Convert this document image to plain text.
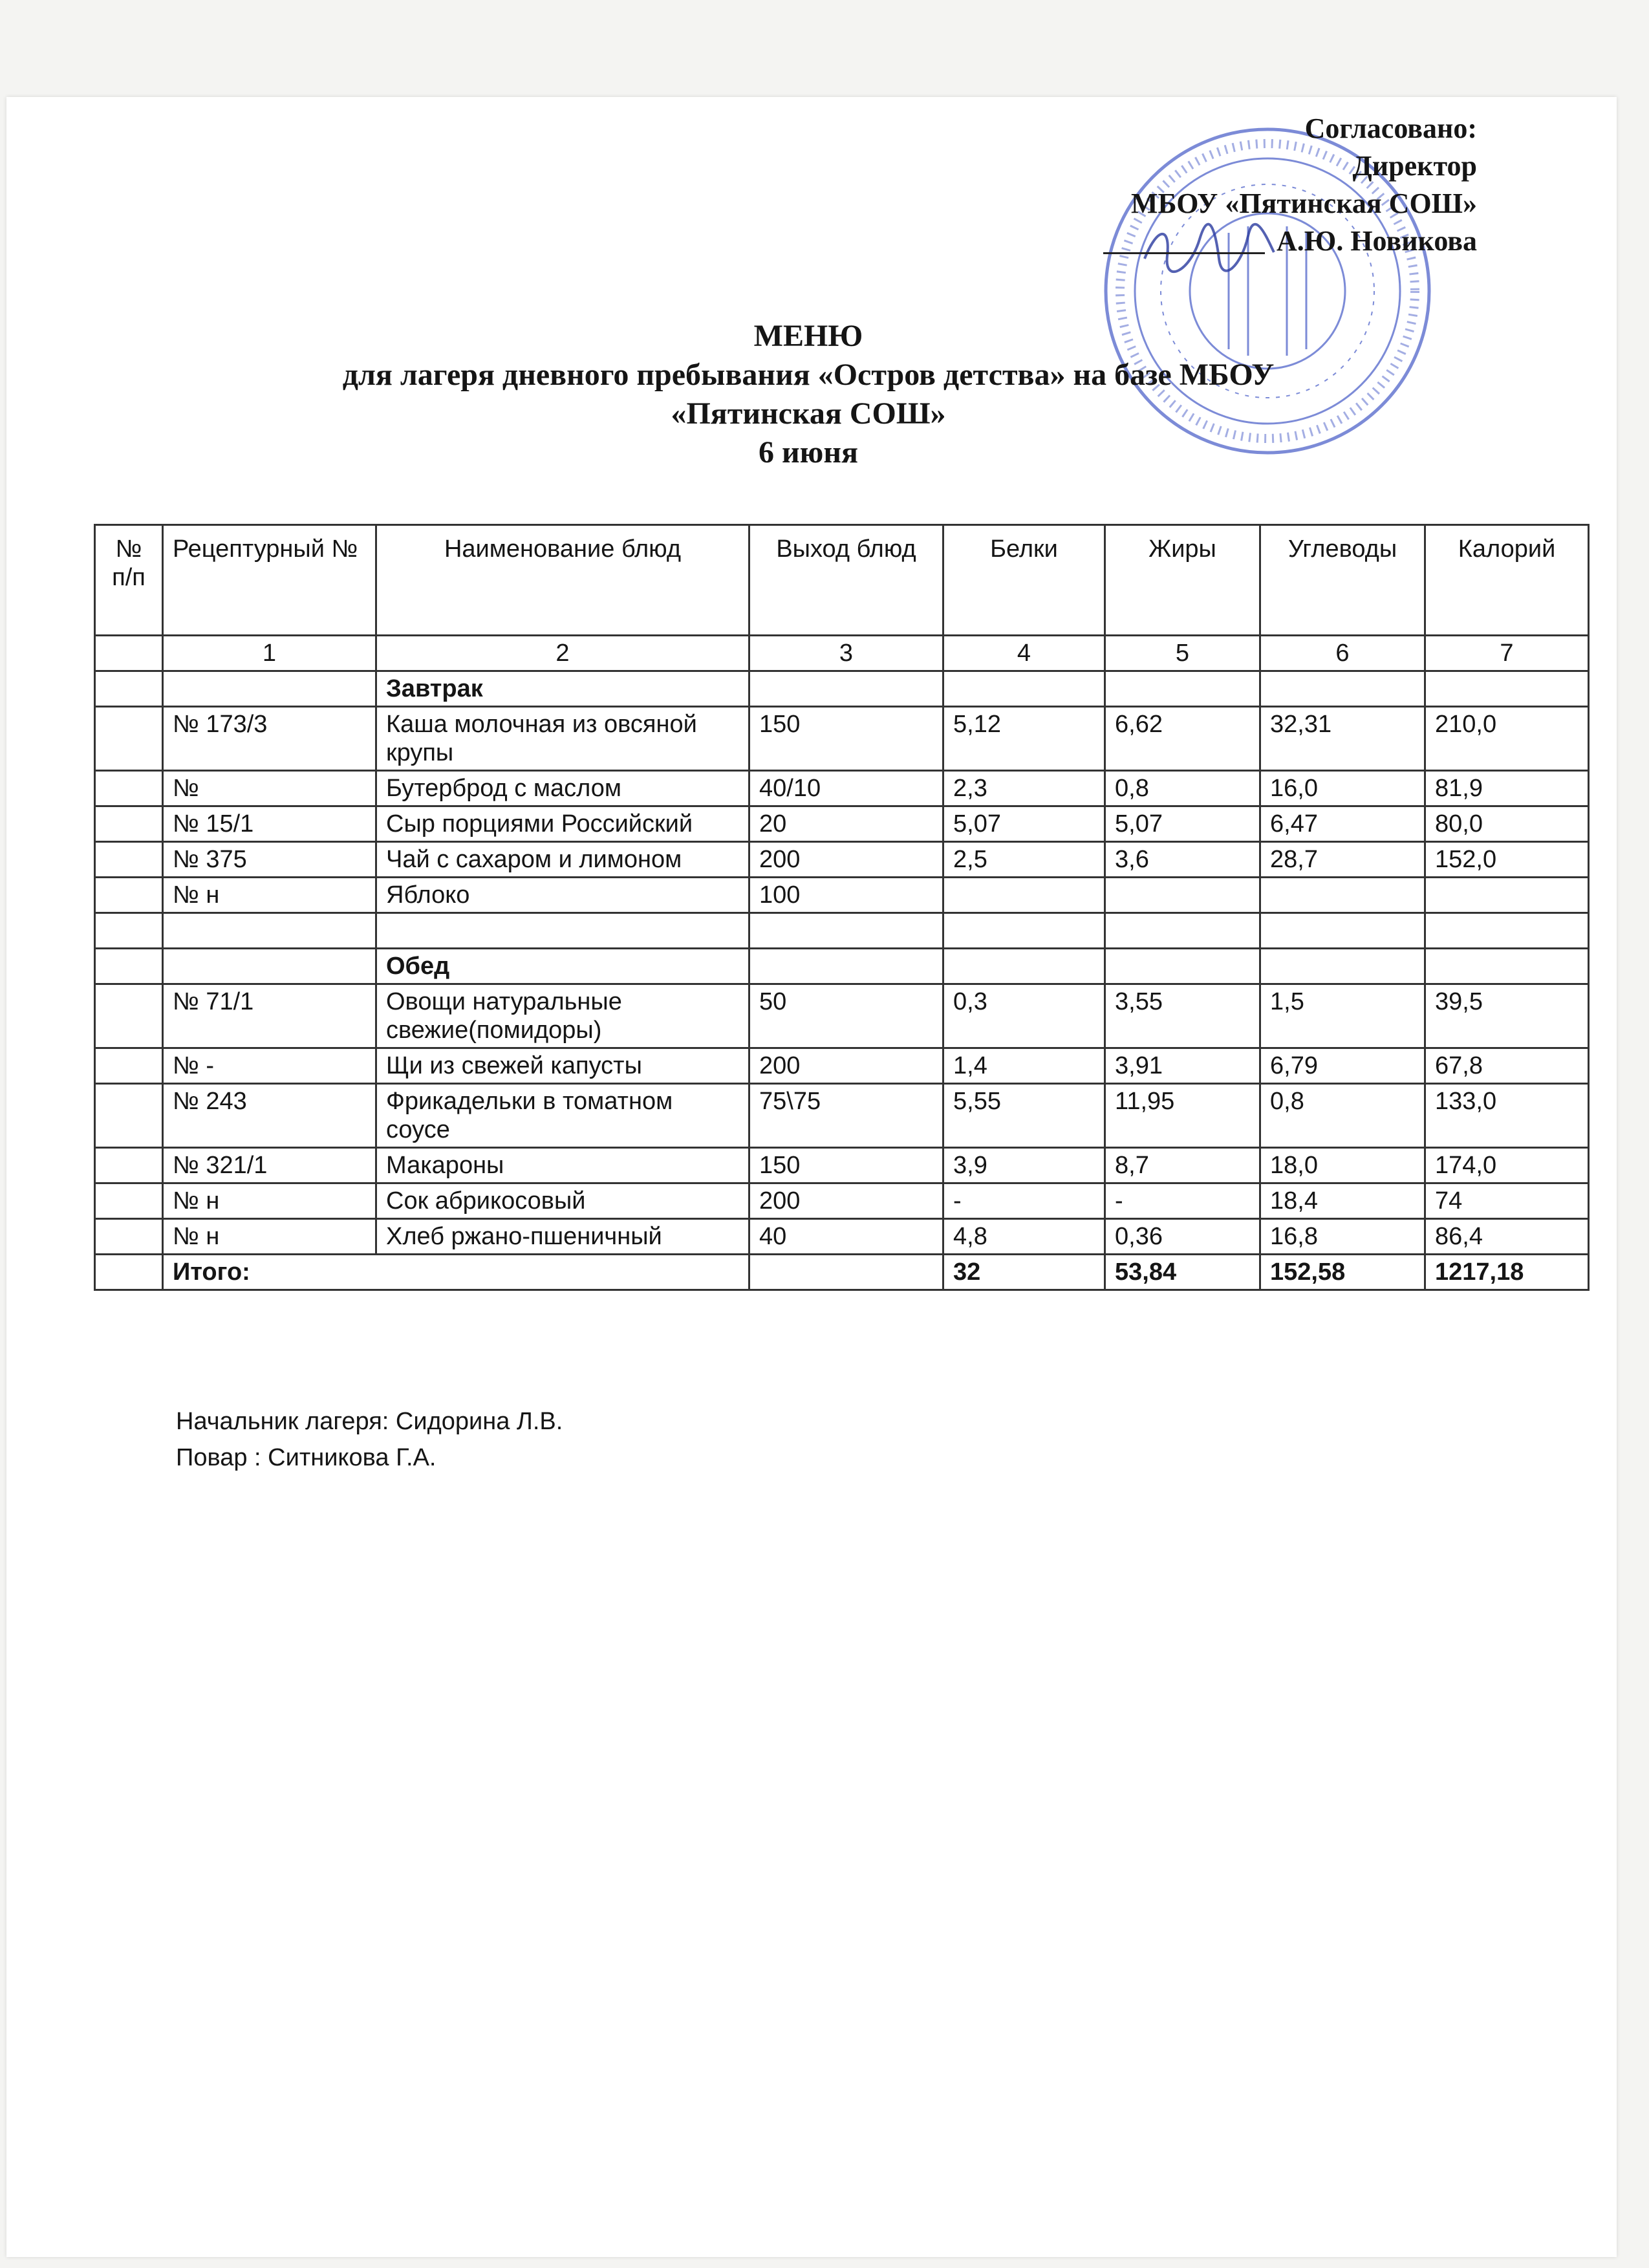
Согласовано:
Директор
МБОУ «Пятинская СОШ»
А.Ю. Новикова
МЕНЮ
для лагеря дневного пребывания «Остров детства» на базе МБОУ «Пятинская СОШ»
6 июня
№ п/п	Рецептурный №	Наименование блюд	Выход блюд	Белки	Жиры	Углеводы	Калорий
	1	2	3	4	5	6	7
		Завтрак					
	№ 173/3	Каша молочная из овсяной крупы	150	5,12	6,62	32,31	210,0
	№	Бутерброд с маслом	40/10	2,3	0,8	16,0	81,9
	№ 15/1	Сыр порциями Российский	20	5,07	5,07	6,47	80,0
	№ 375	Чай с сахаром и лимоном	200	2,5	3,6	28,7	152,0
	№ н	Яблоко	100				

		Обед					
	№ 71/1	Овощи натуральные свежие(помидоры)	50	0,3	3,55	1,5	39,5
	№ -	Щи из свежей капусты	200	1,4	3,91	6,79	67,8
	№ 243	Фрикадельки в томатном соусе	75\75	5,55	11,95	0,8	133,0
	№ 321/1	Макароны	150	3,9	8,7	18,0	174,0
	№ н	Сок абрикосовый	200	-	-	18,4	74
	№ н	Хлеб ржано-пшеничный	40	4,8	0,36	16,8	86,4
	Итого:			32	53,84	152,58	1217,18
Начальник лагеря: Сидорина Л.В.
Повар : Ситникова Г.А.
